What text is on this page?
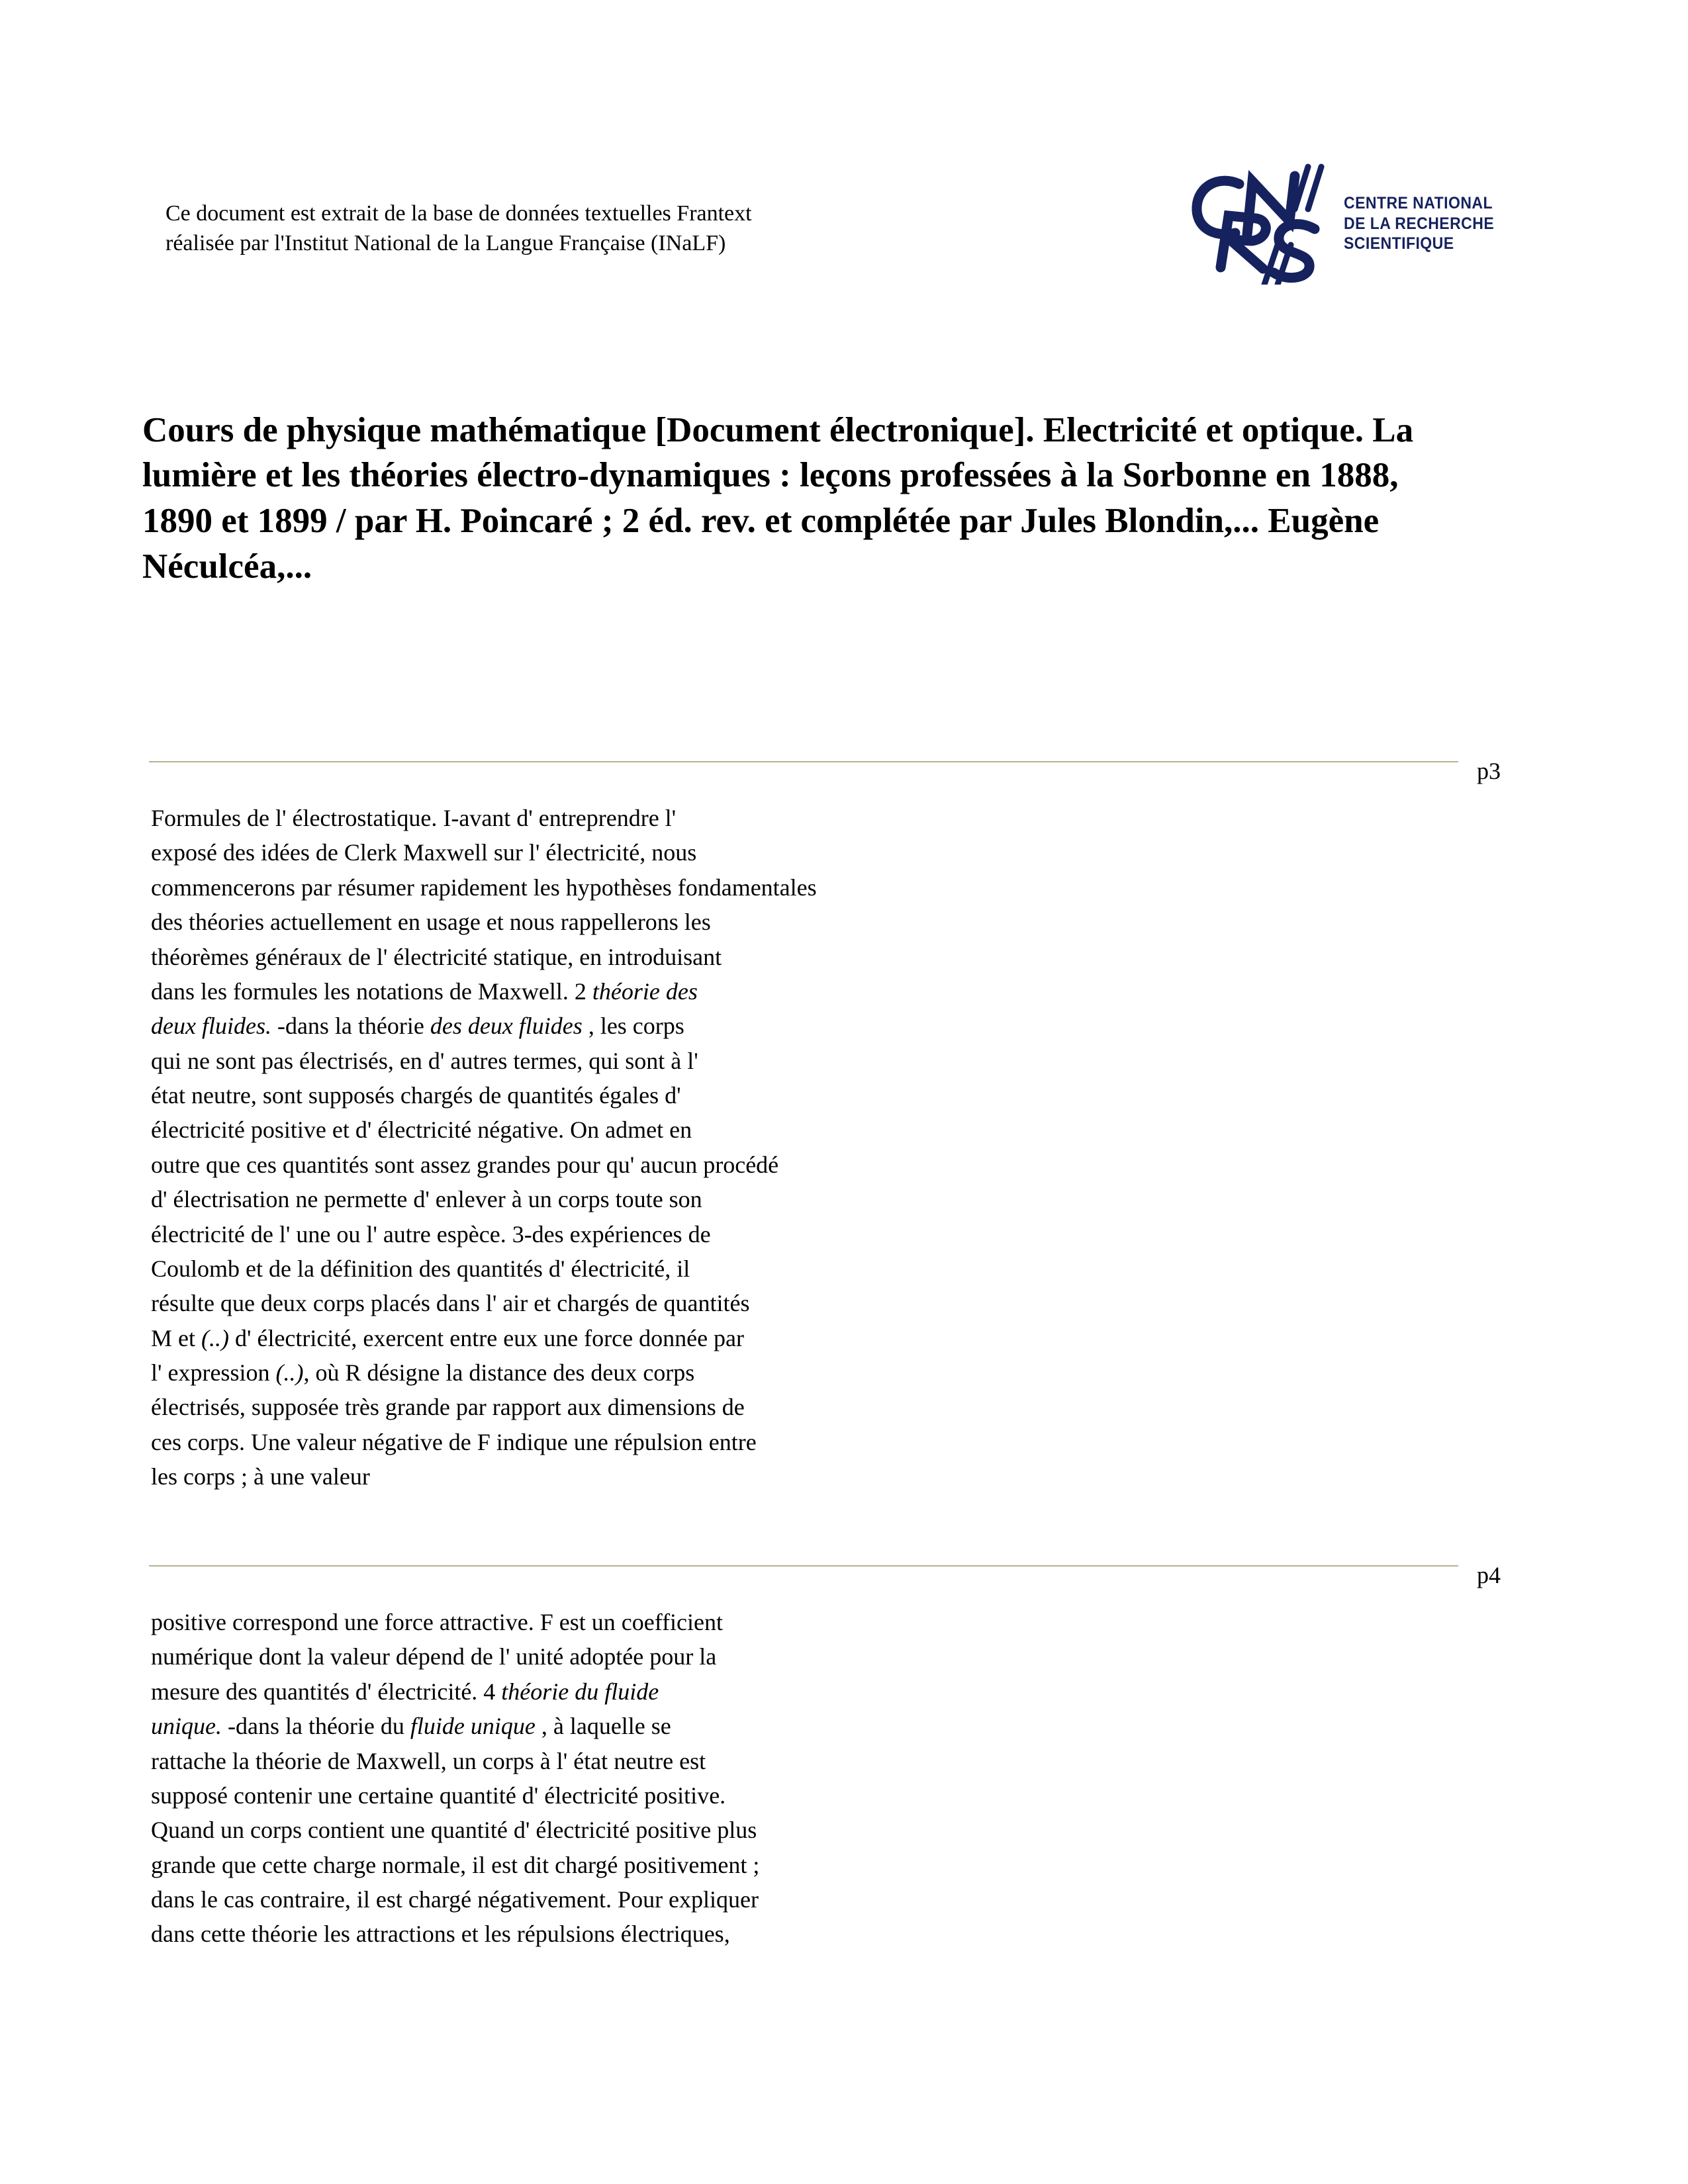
Ce document est extrait de la base de données textuelles Frantext
réalisée par l'Institut National de la Langue Française (INaLF)
CENTRE NATIONAL
DE LA RECHERCHE
SCIENTIFIQUE
Cours de physique mathématique [Document électronique]. Electricité et optique. La lumière et les théories électro-dynamiques : leçons professées à la Sorbonne en 1888, 1890 et 1899 / par H. Poincaré ; 2 éd. rev. et complétée par Jules Blondin,... Eugène Néculcéa,...
p3
Formules de l' électrostatique. I-avant d' entreprendre l'
exposé des idées de Clerk Maxwell sur l' électricité, nous
commencerons par résumer rapidement les hypothèses fondamentales
des théories actuellement en usage et nous rappellerons les
théorèmes généraux de l' électricité statique, en introduisant
dans les formules les notations de Maxwell. 2 théorie des
deux fluides. -dans la théorie des deux fluides , les corps
qui ne sont pas électrisés, en d' autres termes, qui sont à l'
état neutre, sont supposés chargés de quantités égales d'
électricité positive et d' électricité négative. On admet en
outre que ces quantités sont assez grandes pour qu' aucun procédé
d' électrisation ne permette d' enlever à un corps toute son
électricité de l' une ou l' autre espèce. 3-des expériences de
Coulomb et de la définition des quantités d' électricité, il
résulte que deux corps placés dans l' air et chargés de quantités
M et (..) d' électricité, exercent entre eux une force donnée par
l' expression (..), où R désigne la distance des deux corps
électrisés, supposée très grande par rapport aux dimensions de
ces corps. Une valeur négative de F indique une répulsion entre
les corps ; à une valeur
p4
positive correspond une force attractive. F est un coefficient
numérique dont la valeur dépend de l' unité adoptée pour la
mesure des quantités d' électricité. 4 théorie du fluide
unique. -dans la théorie du fluide unique , à laquelle se
rattache la théorie de Maxwell, un corps à l' état neutre est
supposé contenir une certaine quantité d' électricité positive.
Quand un corps contient une quantité d' électricité positive plus
grande que cette charge normale, il est dit chargé positivement ;
dans le cas contraire, il est chargé négativement. Pour expliquer
dans cette théorie les attractions et les répulsions électriques,
